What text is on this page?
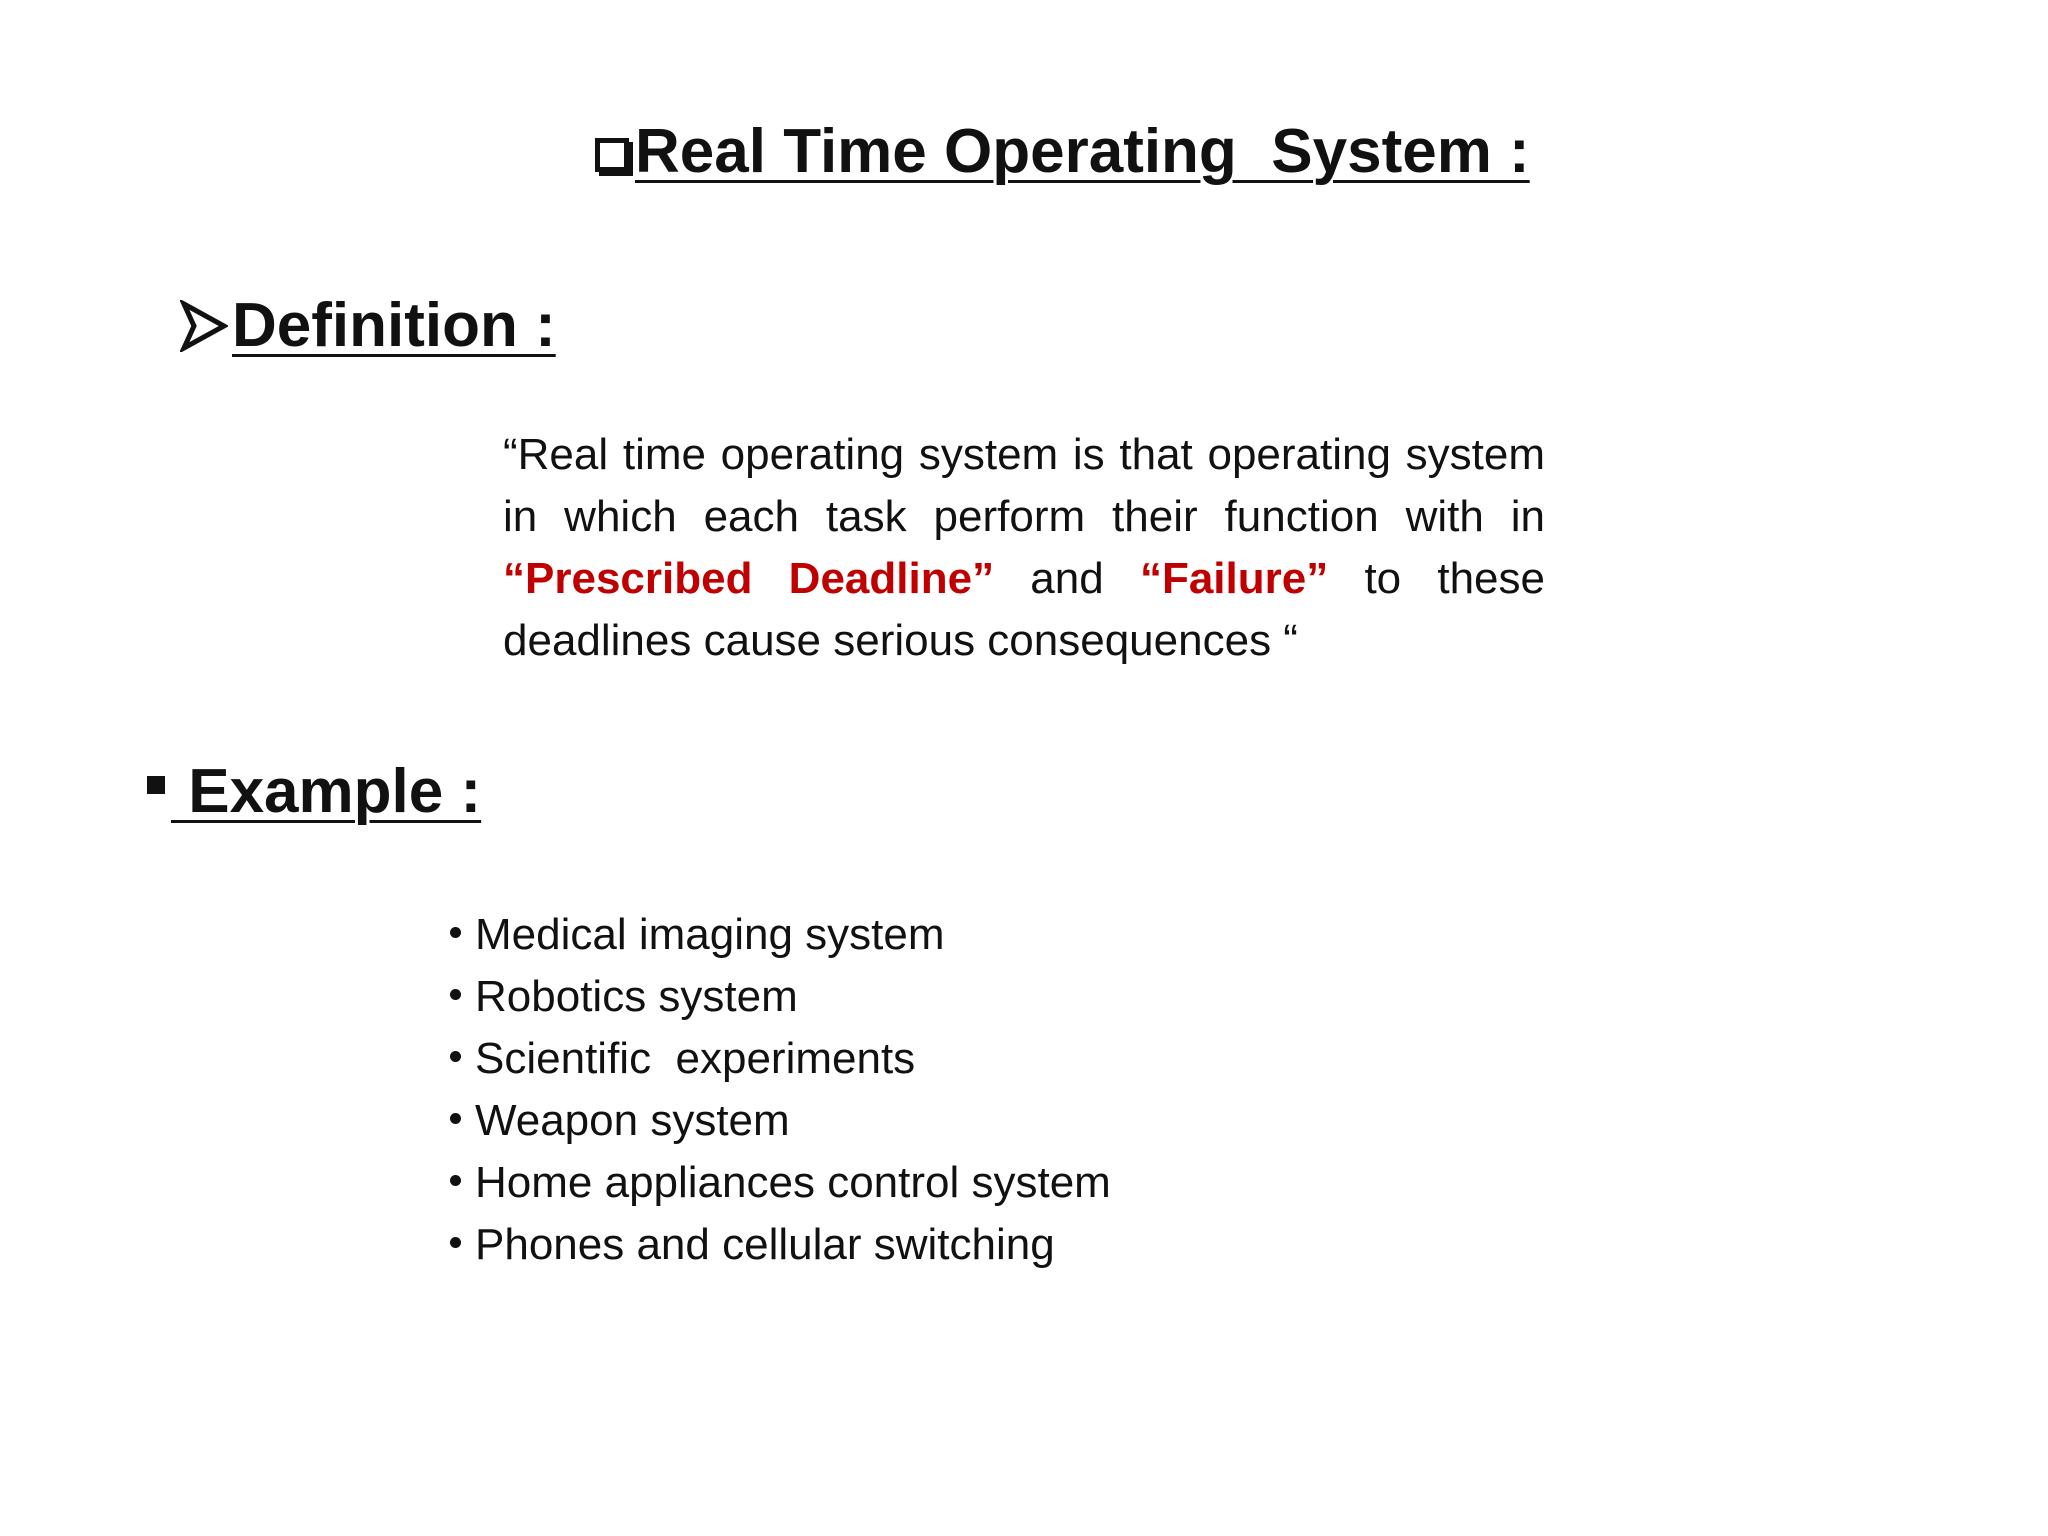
Real Time Operating  System :
Definition :
“Real time operating system is that operating system in which each task perform their function with in “Prescribed Deadline” and “Failure” to these deadlines cause serious consequences “
Example :
Medical imaging system
Robotics system
Scientific  experiments
Weapon system
Home appliances control system
Phones and cellular switching
